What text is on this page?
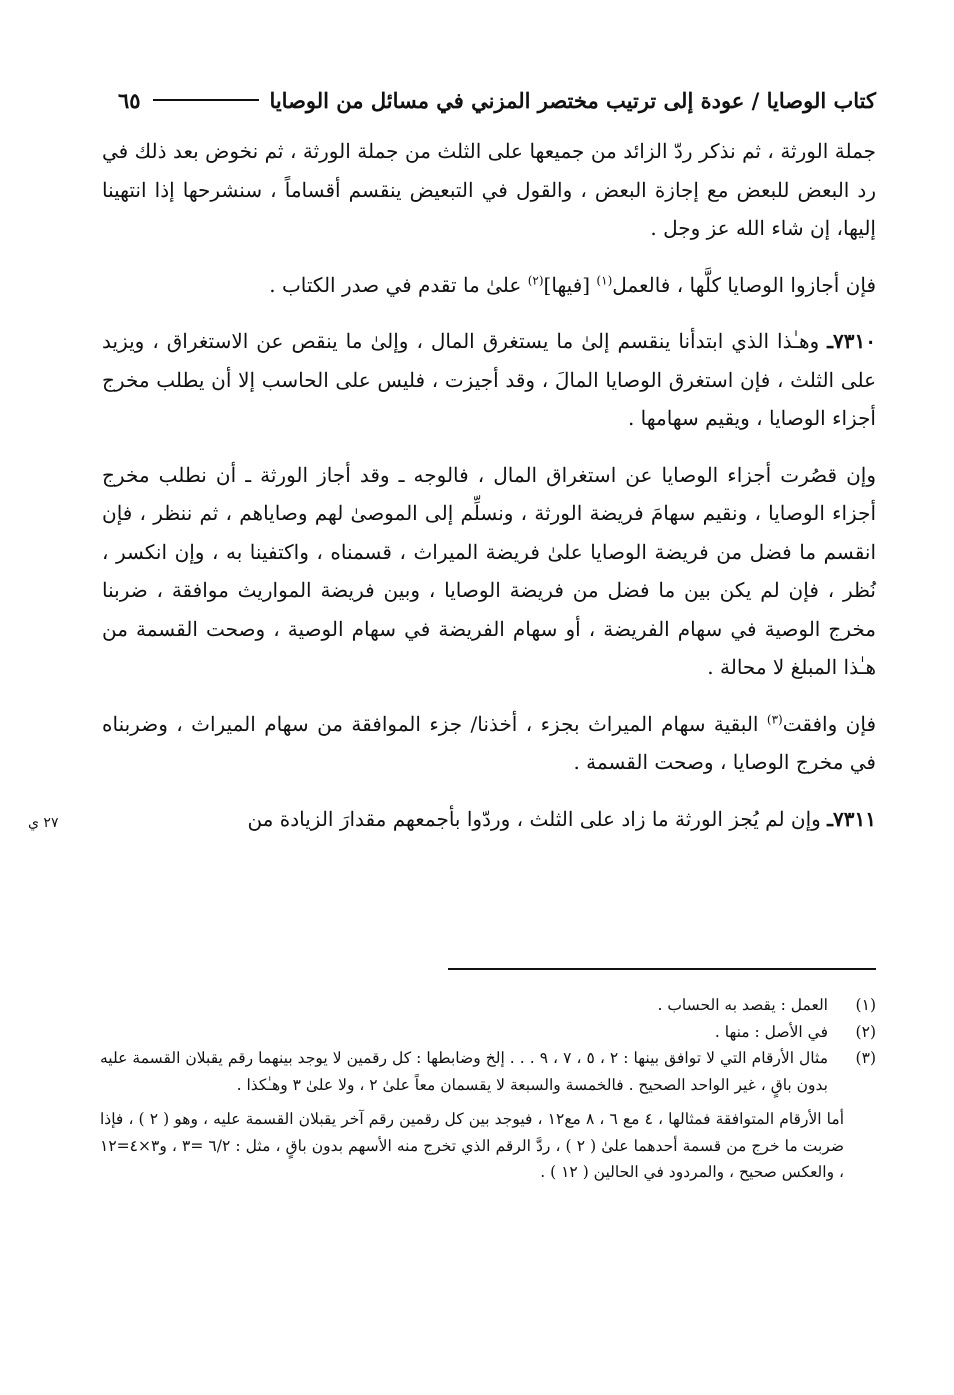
كتاب الوصايا / عودة إلى ترتيب مختصر المزني في مسائل من الوصايا
٦٥
٢٧ ي

جملة الورثة ، ثم نذكر ردّ الزائد من جميعها على الثلث من جملة الورثة ، ثم نخوض بعد ذلك في رد البعض للبعض مع إجازة البعض ، والقول في التبعيض ينقسم أقساماً ، سنشرحها إذا انتهينا إليها، إن شاء الله عز وجل .

فإن أجازوا الوصايا كلَّها ، فالعمل$^{(١)}$ [فيها]$^{(٢)}$ علىٰ ما تقدم في صدر الكتاب .

٧٣١٠ـ وهـٰذا الذي ابتدأنا ينقسم إلىٰ ما يستغرق المال ، وإلىٰ ما ينقص عن الاستغراق ، ويزيد على الثلث ، فإن استغرق الوصايا المالَ ، وقد أجيزت ، فليس على الحاسب إلا أن يطلب مخرج أجزاء الوصايا ، ويقيم سهامها .

وإن قصُرت أجزاء الوصايا عن استغراق المال ، فالوجه ـ وقد أجاز الورثة ـ أن نطلب مخرج أجزاء الوصايا ، ونقيم سهامَ فريضة الورثة ، ونسلِّم إلى الموصىٰ لهم وصاياهم ، ثم ننظر ، فإن انقسم ما فضل من فريضة الوصايا علىٰ فريضة الميراث ، قسمناه ، واكتفينا به ، وإن انكسر ، نُظر ، فإن لم يكن بين ما فضل من فريضة الوصايا ، وبين فريضة المواريث موافقة ، ضربنا مخرج الوصية في سهام الفريضة ، أو سهام الفريضة في سهام الوصية ، وصحت القسمة من هـٰذا المبلغ لا محالة .

فإن وافقت$^{(٣)}$ البقية سهام الميراث بجزء ، أخذنا/ جزء الموافقة من سهام الميراث ، وضربناه في مخرج الوصايا ، وصحت القسمة .

٧٣١١ـ وإن لم يُجز الورثة ما زاد على الثلث ، وردّوا بأجمعهم مقدارَ الزيادة من

(١)
العمل : يقصد به الحساب .
(٢)
في الأصل : منها .
(٣)
مثال الأرقام التي لا توافق بينها : ٢ ، ٥ ، ٧ ، ٩ . . . إلخ وضابطها : كل رقمين لا يوجد بينهما رقم يقبلان القسمة عليه بدون باقٍ ، غير الواحد الصحيح . فالخمسة والسبعة لا يقسمان معاً علىٰ ٢ ، ولا علىٰ ٣ وهـٰكذا .
أما الأرقام المتوافقة فمثالها ، ٤ مع ٦ ، ٨ مع١٢ ، فيوجد بين كل رقمين رقم آخر يقبلان القسمة عليه ، وهو ( ٢ ) ، فإذا ضربت ما خرج من قسمة أحدهما علىٰ ( ٢ ) ، ردَّ الرقم الذي تخرج منه الأسهم بدون باقٍ ، مثل : ٦/٢ =٣ ، و٣×٤=١٢ ، والعكس صحيح ، والمردود في الحالين ( ١٢ ) .
